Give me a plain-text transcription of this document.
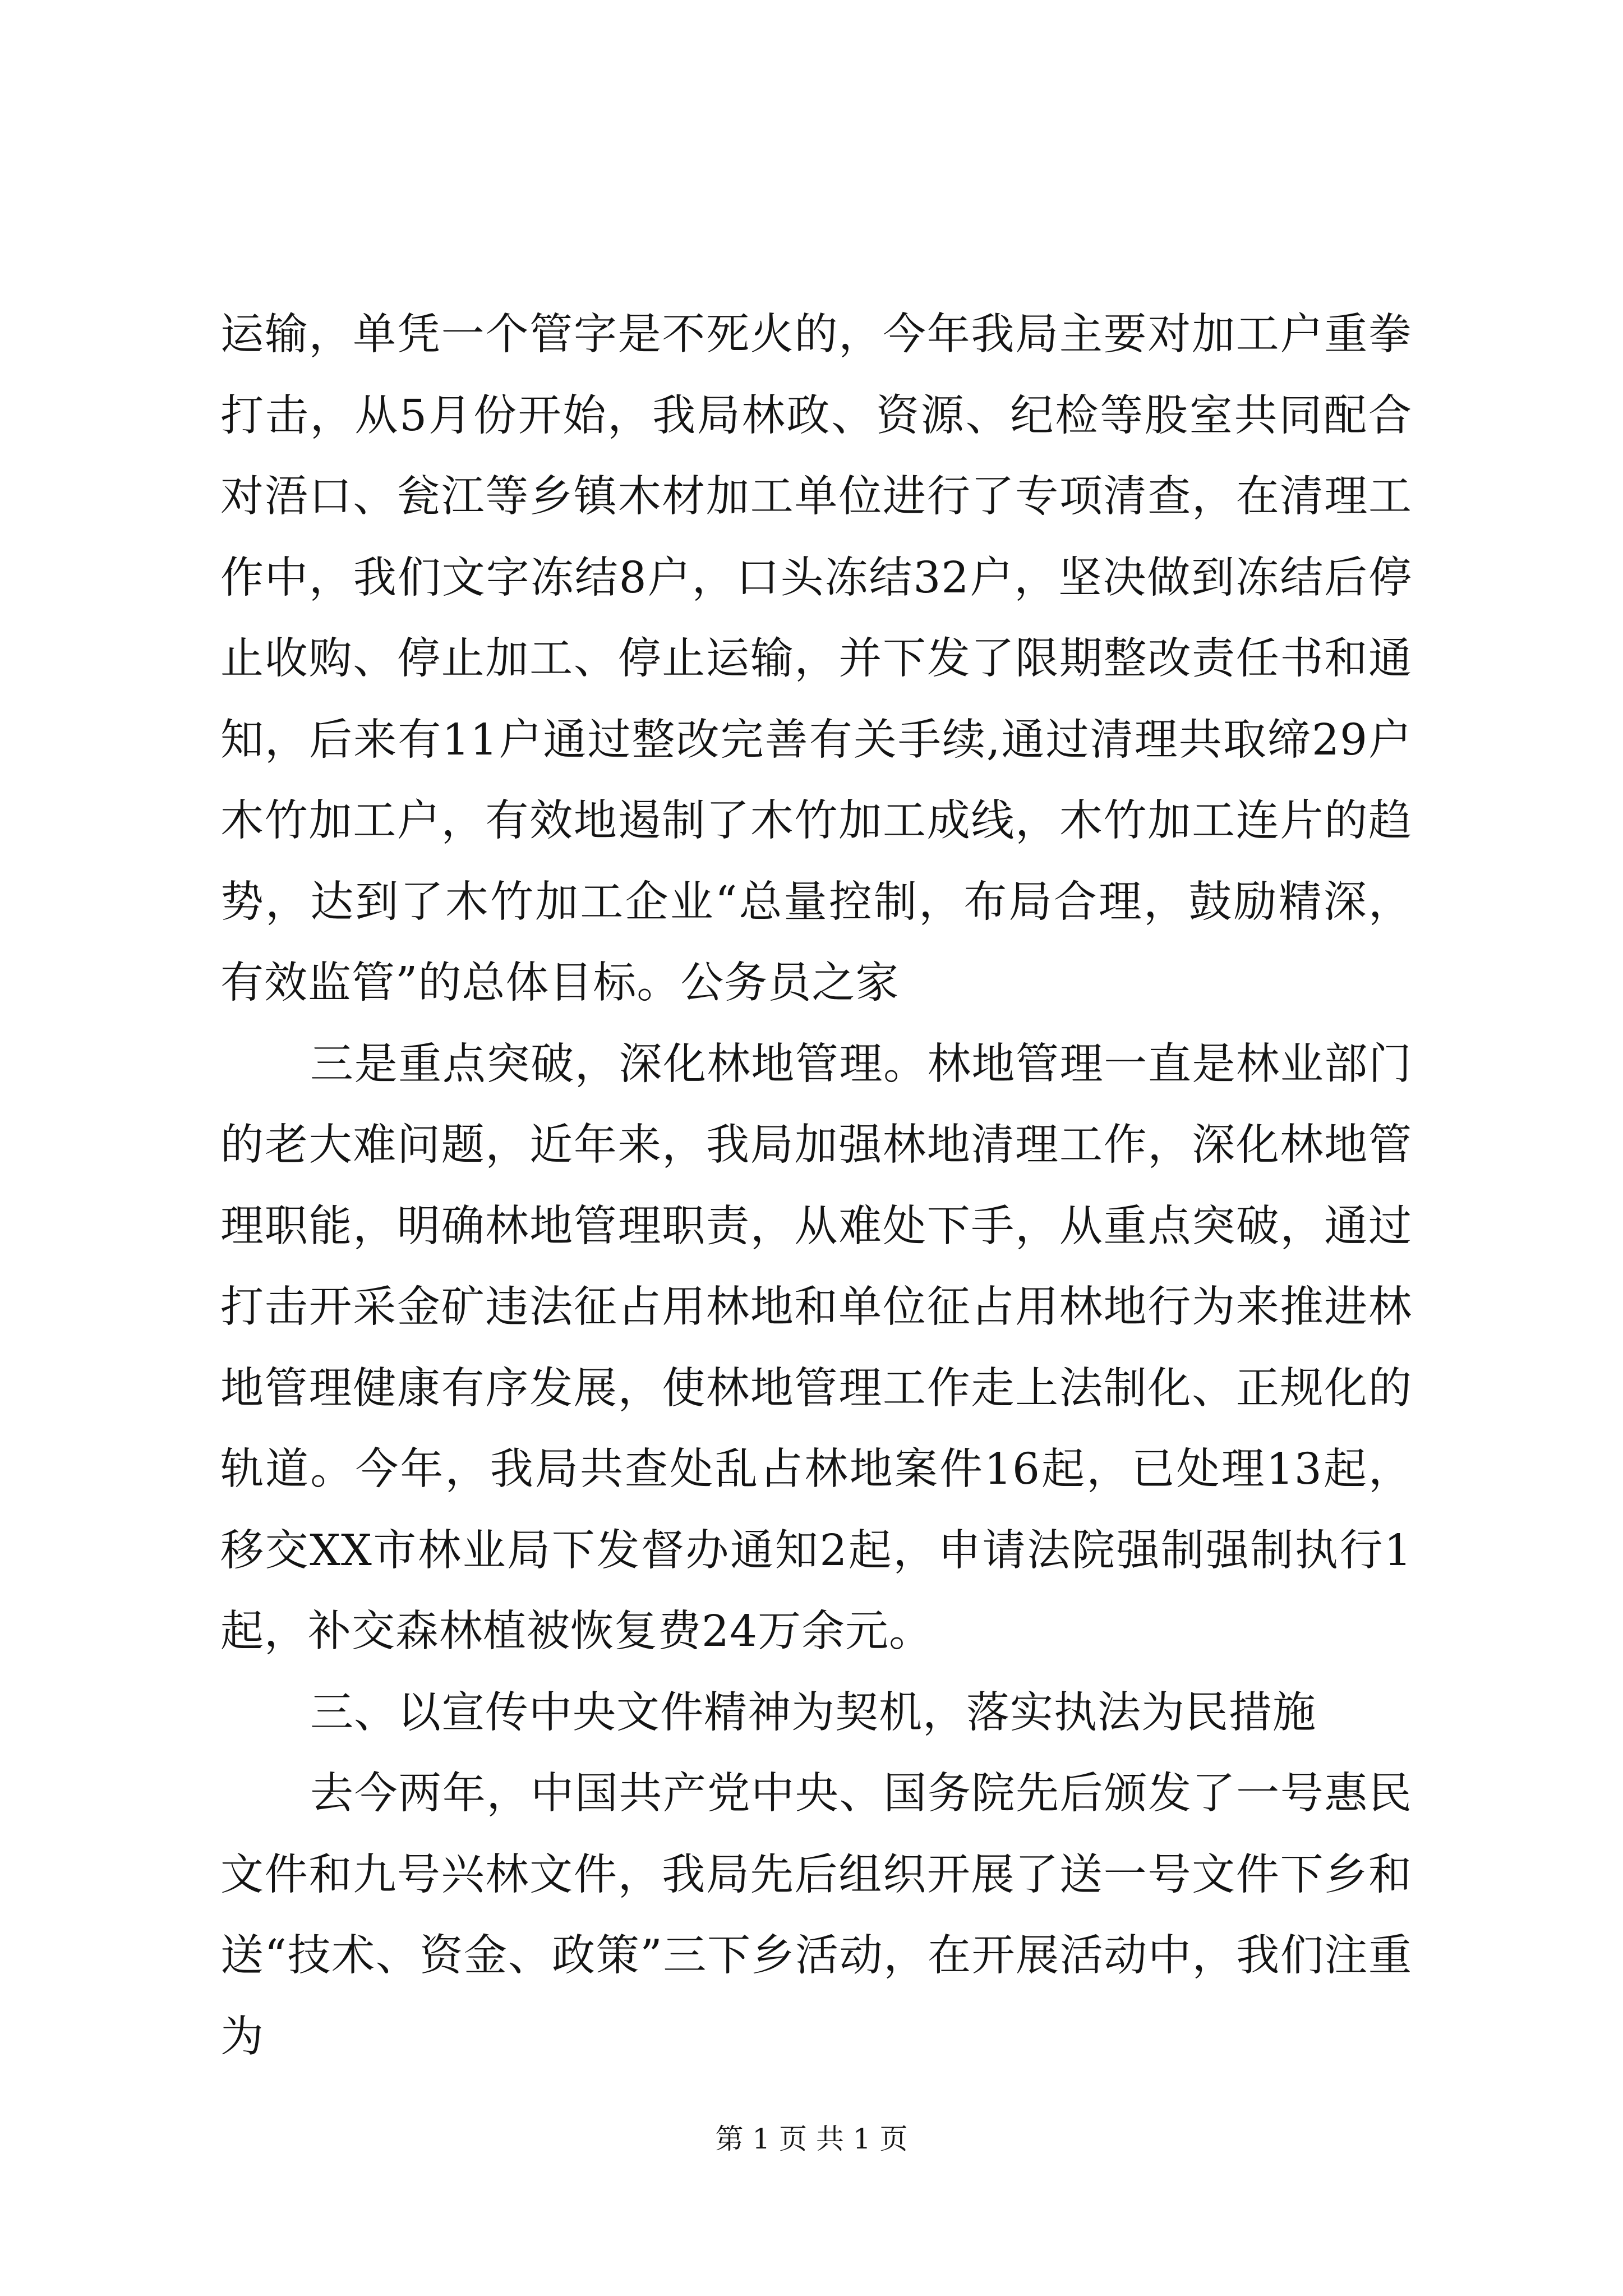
运输，单凭一个管字是不死火的，今年我局主要对加工户重拳打击，从5月份开始，我局林政、资源、纪检等股室共同配合对浯口、瓮江等乡镇木材加工单位进行了专项清查，在清理工作中，我们文字冻结8户，口头冻结32户，坚决做到冻结后停止收购、停止加工、停止运输，并下发了限期整改责任书和通知，后来有11户通过整改完善有关手续,通过清理共取缔29户木竹加工户，有效地遏制了木竹加工成线，木竹加工连片的趋势，达到了木竹加工企业“总量控制，布局合理，鼓励精深，有效监管”的总体目标。公务员之家

三是重点突破，深化林地管理。林地管理一直是林业部门的老大难问题，近年来，我局加强林地清理工作，深化林地管理职能，明确林地管理职责，从难处下手，从重点突破，通过打击开采金矿违法征占用林地和单位征占用林地行为来推进林地管理健康有序发展，使林地管理工作走上法制化、正规化的轨道。今年，我局共查处乱占林地案件16起，已处理13起，移交XX市林业局下发督办通知2起，申请法院强制强制执行1起，补交森林植被恢复费24万余元。

三、以宣传中央文件精神为契机，落实执法为民措施

去今两年，中国共产党中央、国务院先后颁发了一号惠民文件和九号兴林文件，我局先后组织开展了送一号文件下乡和送“技术、资金、政策”三下乡活动，在开展活动中，我们注重为

第 1 页 共 1 页
